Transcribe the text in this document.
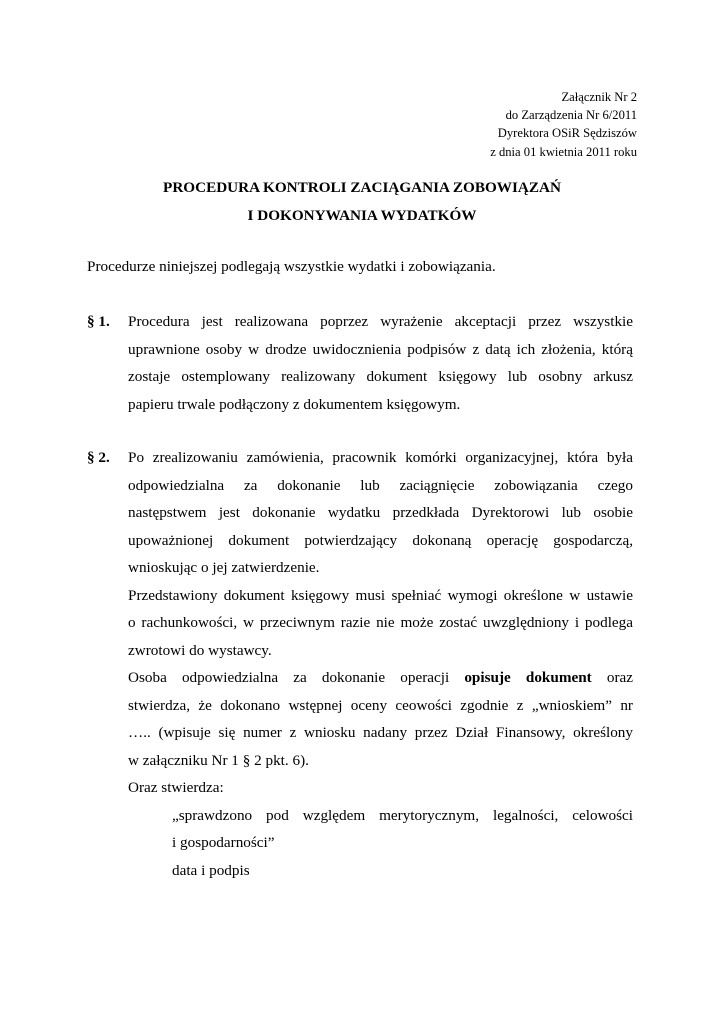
Załącznik Nr 2
do Zarządzenia Nr 6/2011
Dyrektora OSiR Sędziszów
z dnia 01 kwietnia 2011 roku
PROCEDURA KONTROLI ZACIĄGANIA ZOBOWIĄZAŃ
I DOKONYWANIA WYDATKÓW
Procedurze niniejszej podlegają wszystkie wydatki i zobowiązania.
§ 1. Procedura jest realizowana poprzez wyrażenie akceptacji przez wszystkie
uprawnione osoby w drodze uwidocznienia podpisów z datą ich złożenia, którą
zostaje ostemplowany realizowany dokument księgowy lub osobny arkusz
papieru trwale podłączony z dokumentem księgowym.
§ 2. Po zrealizowaniu zamówienia, pracownik komórki organizacyjnej, która była
odpowiedzialna za dokonanie lub zaciągnięcie zobowiązania czego
następstwem jest dokonanie wydatku przedkłada Dyrektorowi lub osobie
upoważnionej dokument potwierdzający dokonaną operację gospodarczą,
wnioskując o jej zatwierdzenie.
Przedstawiony dokument księgowy musi spełniać wymogi określone w ustawie
o rachunkowości, w przeciwnym razie nie może zostać uwzględniony i podlega
zwrotowi do wystawcy.
Osoba odpowiedzialna za dokonanie operacji opisuje dokument oraz
stwierdza, że dokonano wstępnej oceny ceowości zgodnie z „wnioskiem” nr
….. (wpisuje się numer z wniosku nadany przez Dział Finansowy, określony
w załączniku Nr 1 § 2 pkt. 6).
Oraz stwierdza:
„sprawdzono pod względem merytorycznym, legalności, celowości
i gospodarności”
data i podpis
